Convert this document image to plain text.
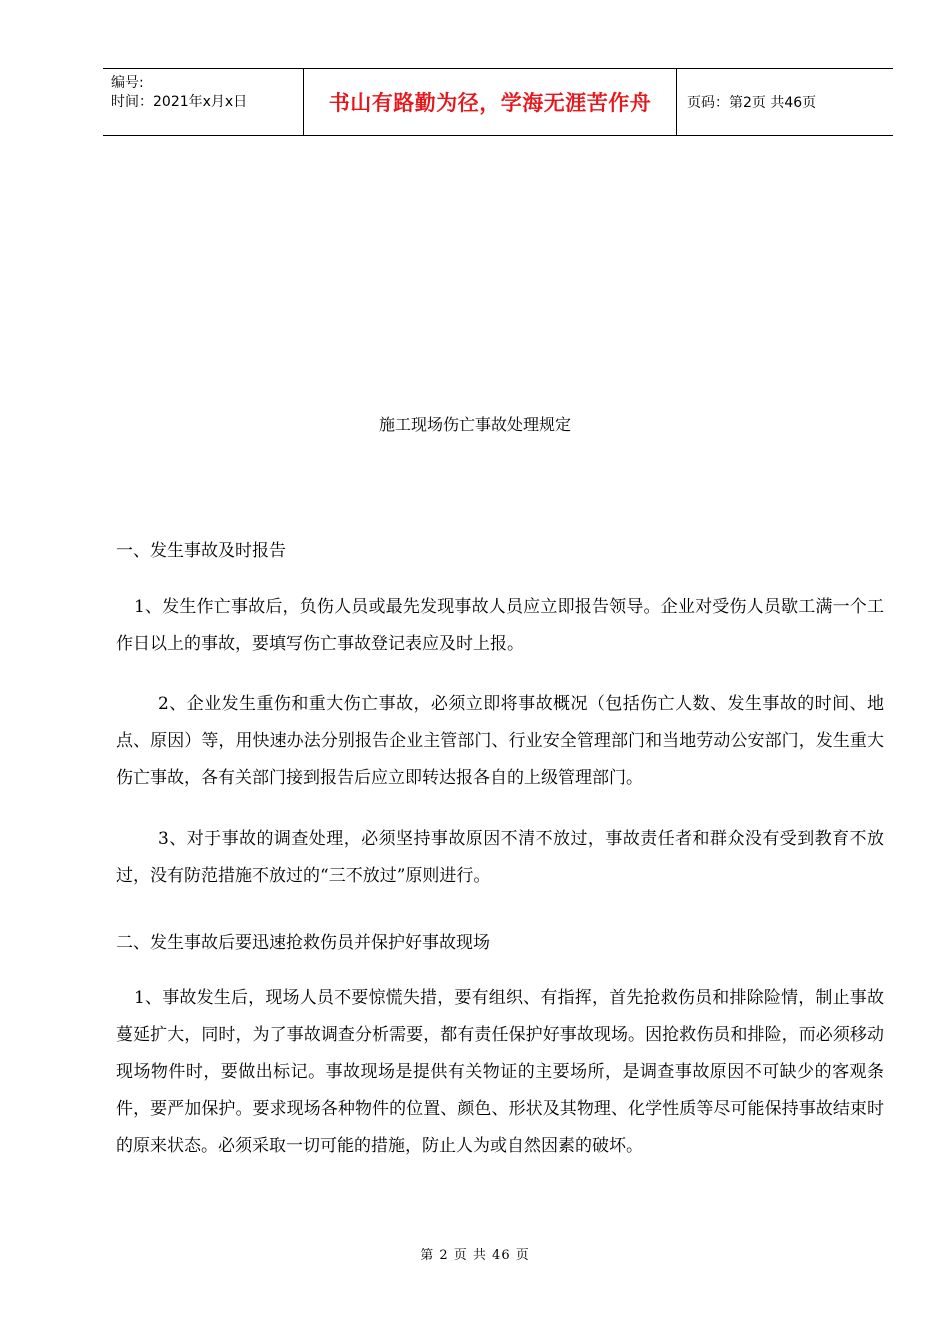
编号:
时间：2021年x月x日	书山有路勤为径，学海无涯苦作舟	页码：第2页 共46页
施工现场伤亡事故处理规定
一、发生事故及时报告
1、发生作亡事故后，负伤人员或最先发现事故人员应立即报告领导。企业对受伤人员歇工满一个工作日以上的事故，要填写伤亡事故登记表应及时上报。
2、企业发生重伤和重大伤亡事故，必须立即将事故概况（包括伤亡人数、发生事故的时间、地点、原因）等，用快速办法分别报告企业主管部门、行业安全管理部门和当地劳动公安部门，发生重大伤亡事故，各有关部门接到报告后应立即转达报各自的上级管理部门。
3、对于事故的调查处理，必须坚持事故原因不清不放过，事故责任者和群众没有受到教育不放过，没有防范措施不放过的“三不放过”原则进行。
二、发生事故后要迅速抢救伤员并保护好事故现场
1、事故发生后，现场人员不要惊慌失措，要有组织、有指挥，首先抢救伤员和排除险情，制止事故蔓延扩大，同时，为了事故调查分析需要，都有责任保护好事故现场。因抢救伤员和排险，而必须移动现场物件时，要做出标记。事故现场是提供有关物证的主要场所，是调查事故原因不可缺少的客观条件，要严加保护。要求现场各种物件的位置、颜色、形状及其物理、化学性质等尽可能保持事故结束时的原来状态。必须采取一切可能的措施，防止人为或自然因素的破坏。
第 2 页 共 46 页
